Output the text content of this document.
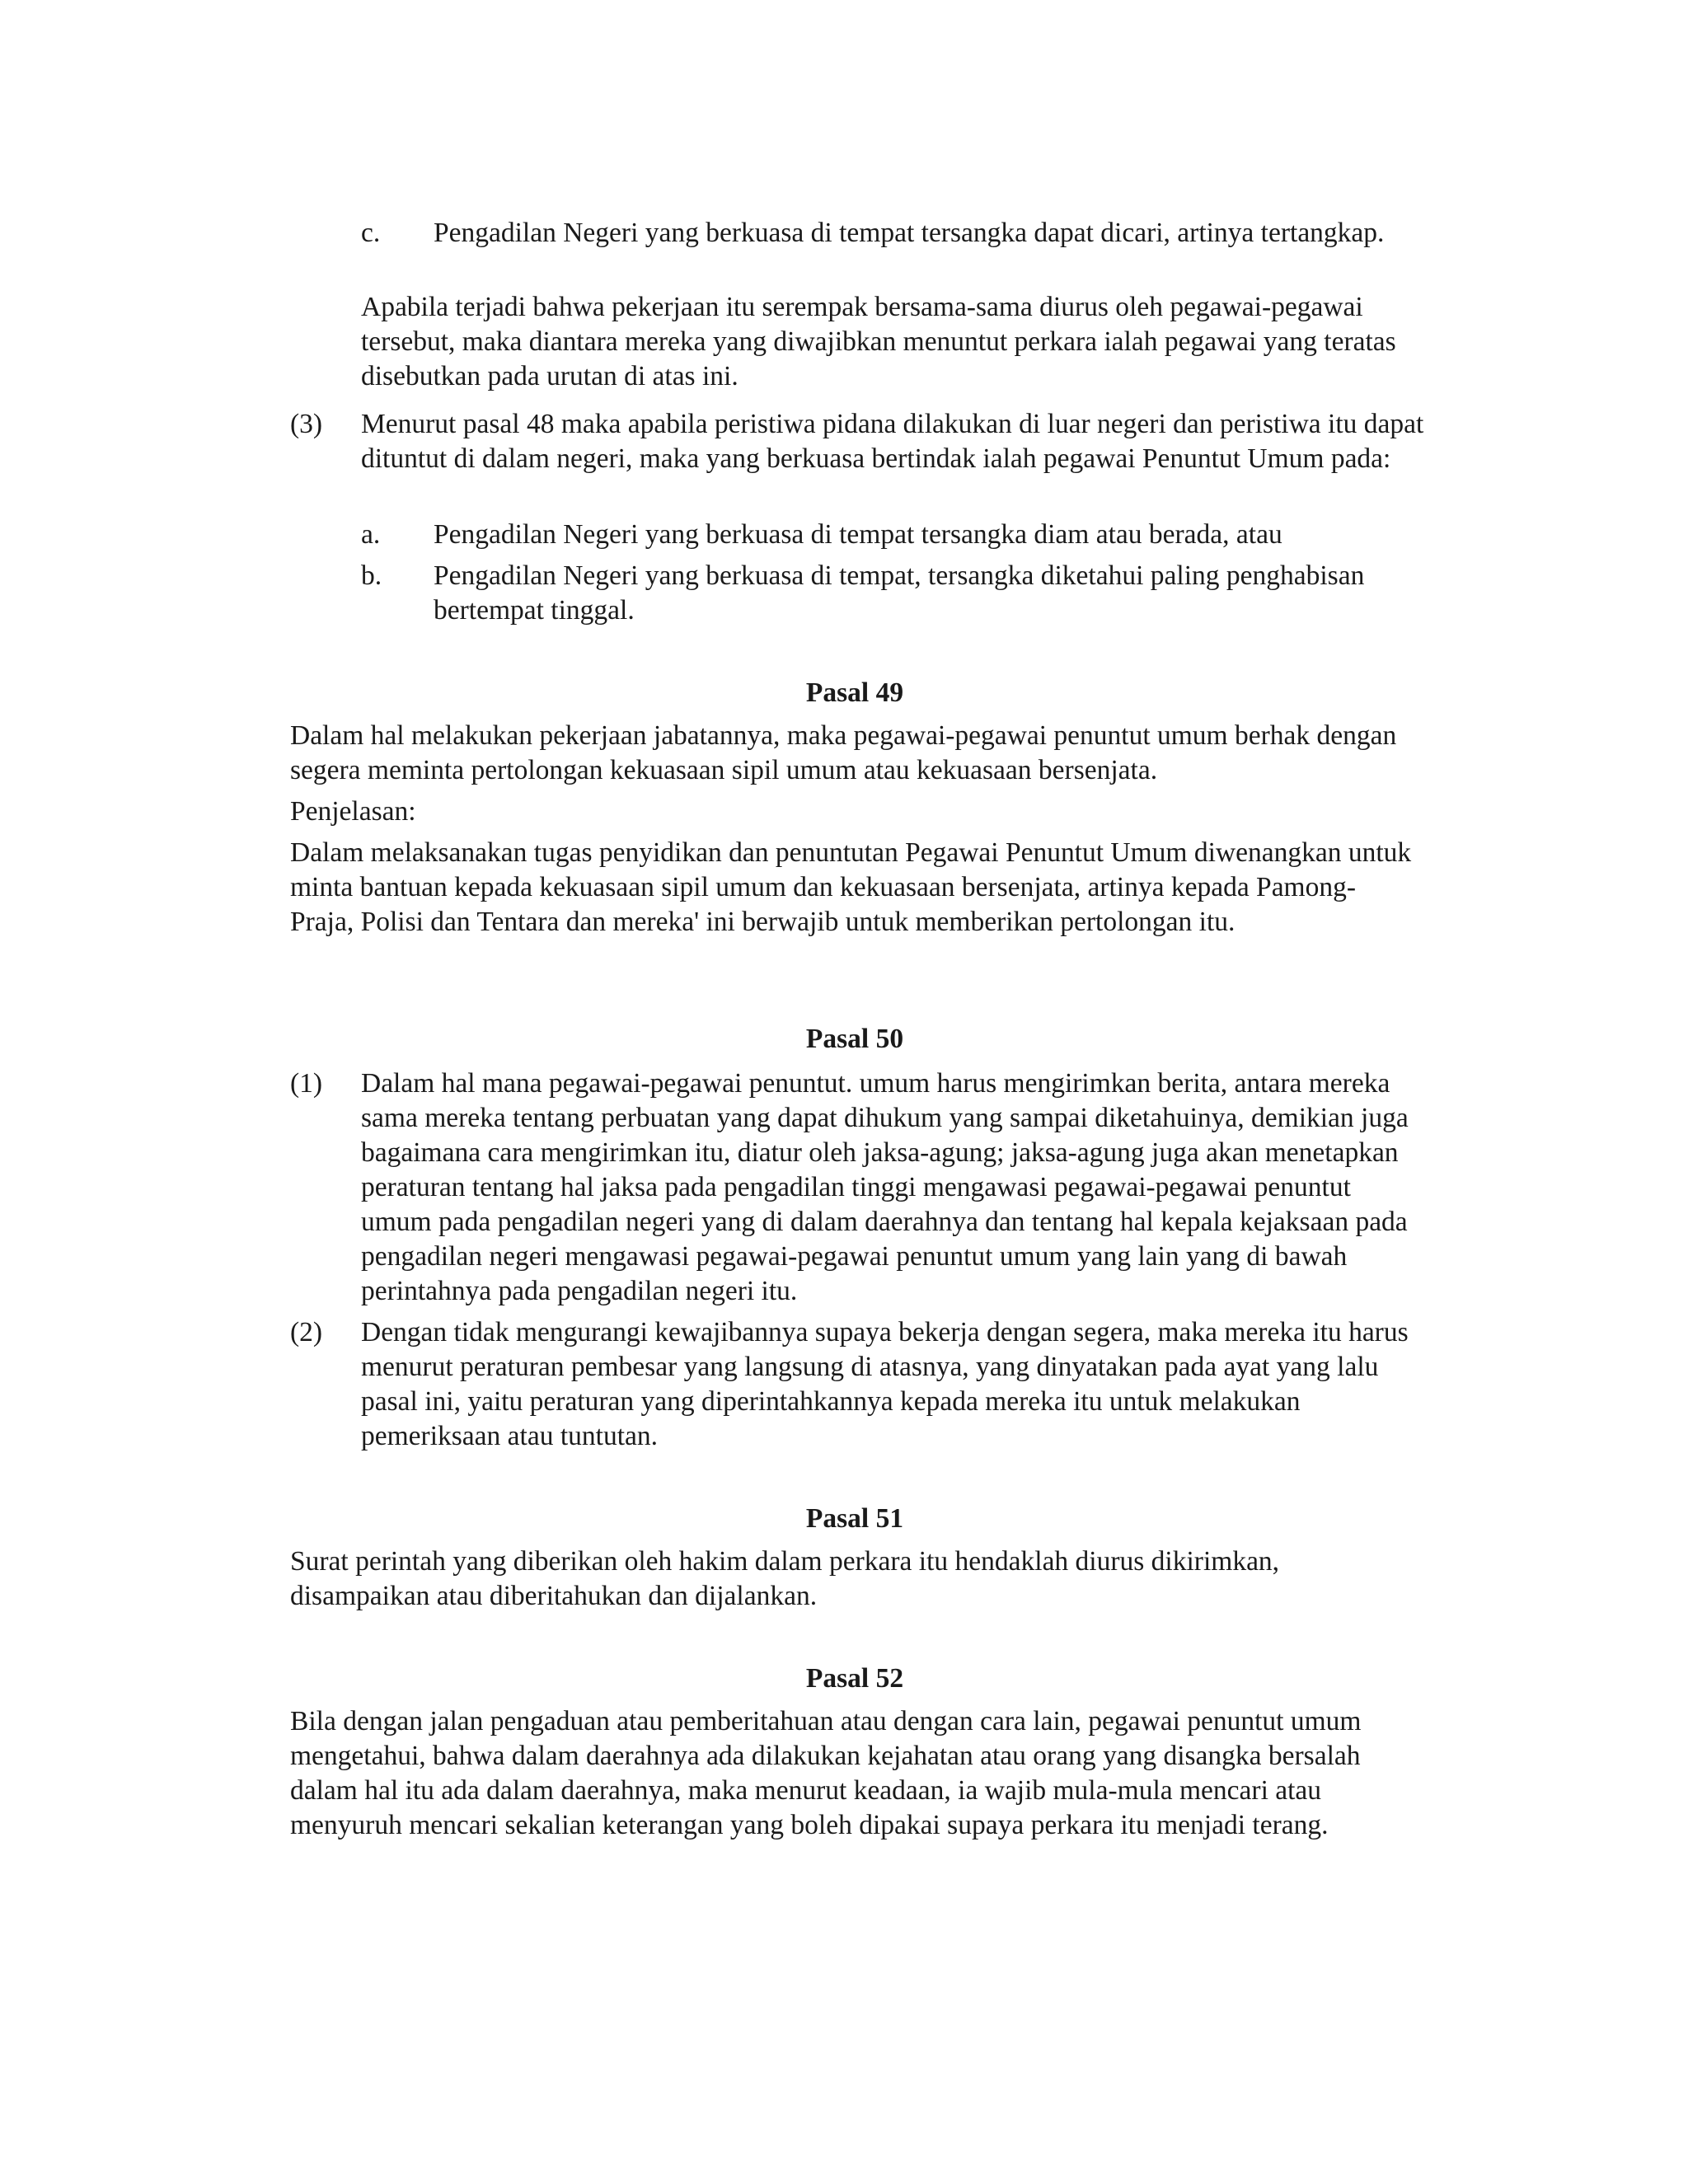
c. Pengadilan Negeri yang berkuasa di tempat tersangka dapat dicari, artinya tertangkap.
Apabila terjadi bahwa pekerjaan itu serempak bersama-sama diurus oleh pegawai-pegawai tersebut, maka diantara mereka yang diwajibkan menuntut perkara ialah pegawai yang teratas disebutkan pada urutan di atas ini.
(3) Menurut pasal 48 maka apabila peristiwa pidana dilakukan di luar negeri dan peristiwa itu dapat dituntut di dalam negeri, maka yang berkuasa bertindak ialah pegawai Penuntut Umum pada:
a. Pengadilan Negeri yang berkuasa di tempat tersangka diam atau berada, atau
b. Pengadilan Negeri yang berkuasa di tempat, tersangka diketahui paling penghabisan bertempat tinggal.
Pasal 49
Dalam hal melakukan pekerjaan jabatannya, maka pegawai-pegawai penuntut umum berhak dengan segera meminta pertolongan kekuasaan sipil umum atau kekuasaan bersenjata.
Penjelasan:
Dalam melaksanakan tugas penyidikan dan penuntutan Pegawai Penuntut Umum diwenangkan untuk minta bantuan kepada kekuasaan sipil umum dan kekuasaan bersenjata, artinya kepada Pamong-Praja, Polisi dan Tentara dan mereka' ini berwajib untuk memberikan pertolongan itu.
Pasal 50
(1) Dalam hal mana pegawai-pegawai penuntut. umum harus mengirimkan berita, antara mereka sama mereka tentang perbuatan yang dapat dihukum yang sampai diketahuinya, demikian juga bagaimana cara mengirimkan itu, diatur oleh jaksa-agung; jaksa-agung juga akan menetapkan peraturan tentang hal jaksa pada pengadilan tinggi mengawasi pegawai-pegawai penuntut umum pada pengadilan negeri yang di dalam daerahnya dan tentang hal kepala kejaksaan pada pengadilan negeri mengawasi pegawai-pegawai penuntut umum yang lain yang di bawah perintahnya pada pengadilan negeri itu.
(2) Dengan tidak mengurangi kewajibannya supaya bekerja dengan segera, maka mereka itu harus menurut peraturan pembesar yang langsung di atasnya, yang dinyatakan pada ayat yang lalu pasal ini, yaitu peraturan yang diperintahkannya kepada mereka itu untuk melakukan pemeriksaan atau tuntutan.
Pasal 51
Surat perintah yang diberikan oleh hakim dalam perkara itu hendaklah diurus dikirimkan, disampaikan atau diberitahukan dan dijalankan.
Pasal 52
Bila dengan jalan pengaduan atau pemberitahuan atau dengan cara lain, pegawai penuntut umum mengetahui, bahwa dalam daerahnya ada dilakukan kejahatan atau orang yang disangka bersalah dalam hal itu ada dalam daerahnya, maka menurut keadaan, ia wajib mula-mula mencari atau menyuruh mencari sekalian keterangan yang boleh dipakai supaya perkara itu menjadi terang.
